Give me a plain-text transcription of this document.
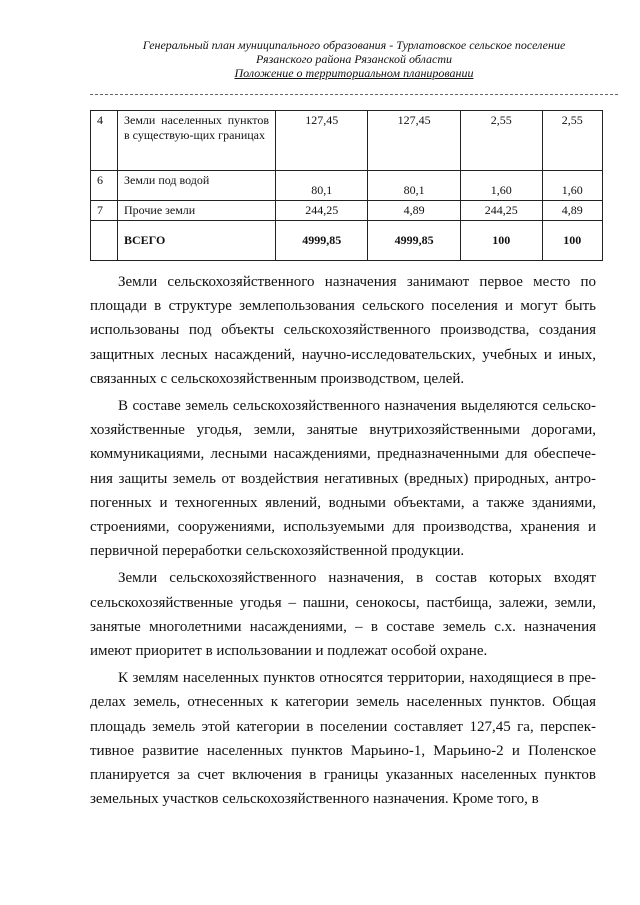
Генеральный план муниципального образования - Турлатовское сельское поселение
Рязанского района Рязанской области
Положение о территориальном планировании
4	Земли населенных пунктов в существую-щих границах	127,45	127,45	2,55	2,55
6	Земли под водой	80,1	80,1	1,60	1,60
7	Прочие земли	244,25	4,89	244,25	4,89
	ВСЕГО	4999,85	4999,85	100	100

Земли сельскохозяйственного назначения занимают первое место по площади в структуре землепользования сельского поселения и могут быть использованы под объекты сельскохозяйственного производства, создания защитных лесных насаждений, научно-исследовательских, учебных и иных, связанных с сельскохозяйственным производством, целей.

В составе земель сельскохозяйственного назначения выделяются сельско-хозяйственные угодья, земли, занятые внутрихозяйственными дорогами, коммуникациями, лесными насаждениями, предназначенными для обеспече-ния защиты земель от воздействия негативных (вредных) природных, антро-погенных и техногенных явлений, водными объектами, а также зданиями, строениями, сооружениями, используемыми для производства, хранения и первичной переработки сельскохозяйственной продукции.

Земли сельскохозяйственного назначения, в состав которых входят сельскохозяйственные угодья – пашни, сенокосы, пастбища, залежи, земли, занятые многолетними насаждениями, – в составе земель с.х. назначения имеют приоритет в использовании и подлежат особой охране.

К землям населенных пунктов относятся территории, находящиеся в пре-делах земель, отнесенных к категории земель населенных пунктов. Общая площадь земель этой категории в поселении составляет 127,45 га, перспек-тивное развитие населенных пунктов Марьино-1, Марьино-2 и Поленское планируется за счет включения в границы указанных населенных пунктов земельных участков сельскохозяйственного назначения. Кроме того, в
